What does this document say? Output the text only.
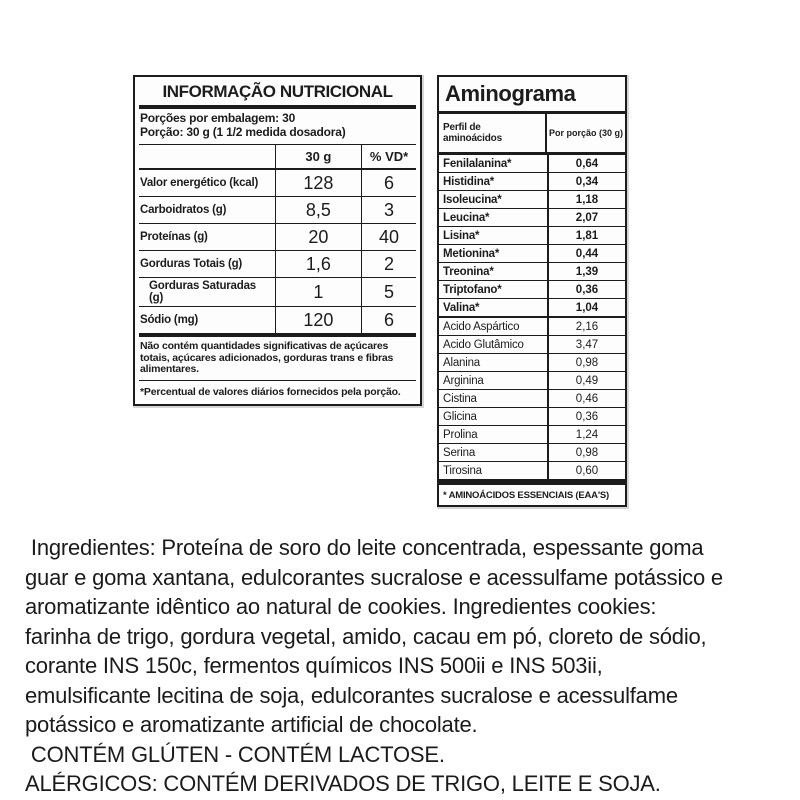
INFORMAÇÃO NUTRICIONAL
Porções por embalagem: 30
Porção: 30 g (1 1/2 medida dosadora)
	30 g	% VD*
Valor energético (kcal)	128	6
Carboidratos (g)	8,5	3
Proteínas (g)	20	40
Gorduras Totais (g)	1,6	2
Gorduras Saturadas (g)	1	5
Sódio (mg)	120	6
Não contém quantidades significativas de açúcares totais, açúcares adicionados, gorduras trans e fibras alimentares.
*Percentual de valores diários fornecidos pela porção.
Aminograma
Perfil de aminoácidos	Por porção (30 g)
Fenilalanina*	0,64
Histidina*	0,34
Isoleucina*	1,18
Leucina*	2,07
Lisina*	1,81
Metionina*	0,44
Treonina*	1,39
Triptofano*	0,36
Valina*	1,04
Acido Aspártico	2,16
Acido Glutâmico	3,47
Alanina	0,98
Arginina	0,49
Cistina	0,46
Glicina	0,36
Prolina	1,24
Serina	0,98
Tirosina	0,60
* AMINOÁCIDOS ESSENCIAIS (EAA'S)
Ingredientes: Proteína de soro do leite concentrada, espessante goma
guar e goma xantana, edulcorantes sucralose e acessulfame potássico e
aromatizante idêntico ao natural de cookies. Ingredientes cookies:
farinha de trigo, gordura vegetal, amido, cacau em pó, cloreto de sódio,
corante INS 150c, fermentos químicos INS 500ii e INS 503ii,
emulsificante lecitina de soja, edulcorantes sucralose e acessulfame
potássico e aromatizante artificial de chocolate.
CONTÉM GLÚTEN - CONTÉM LACTOSE.
ALÉRGICOS: CONTÉM DERIVADOS DE TRIGO, LEITE E SOJA.
